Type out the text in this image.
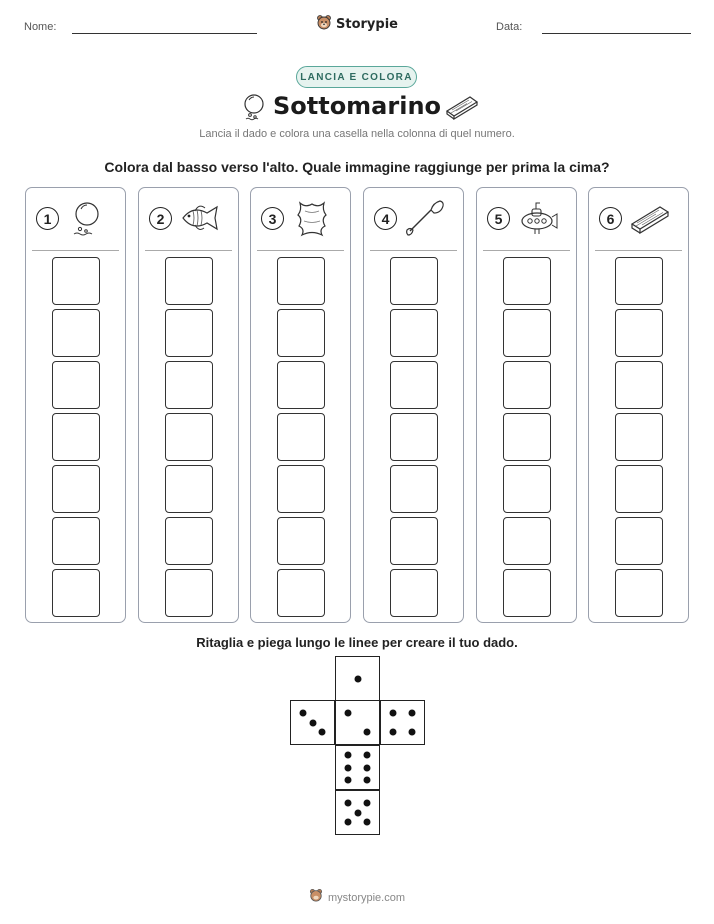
Nome:	Data:
Storypie
LANCIA E COLORA
Sottomarino
Lancia il dado e colora una casella nella colonna di quel numero.
Colora dal basso verso l'alto. Quale immagine raggiunge per prima la cima?
1	2	3	4	5	6
Ritaglia e piega lungo le linee per creare il tuo dado.
mystorypie.com
